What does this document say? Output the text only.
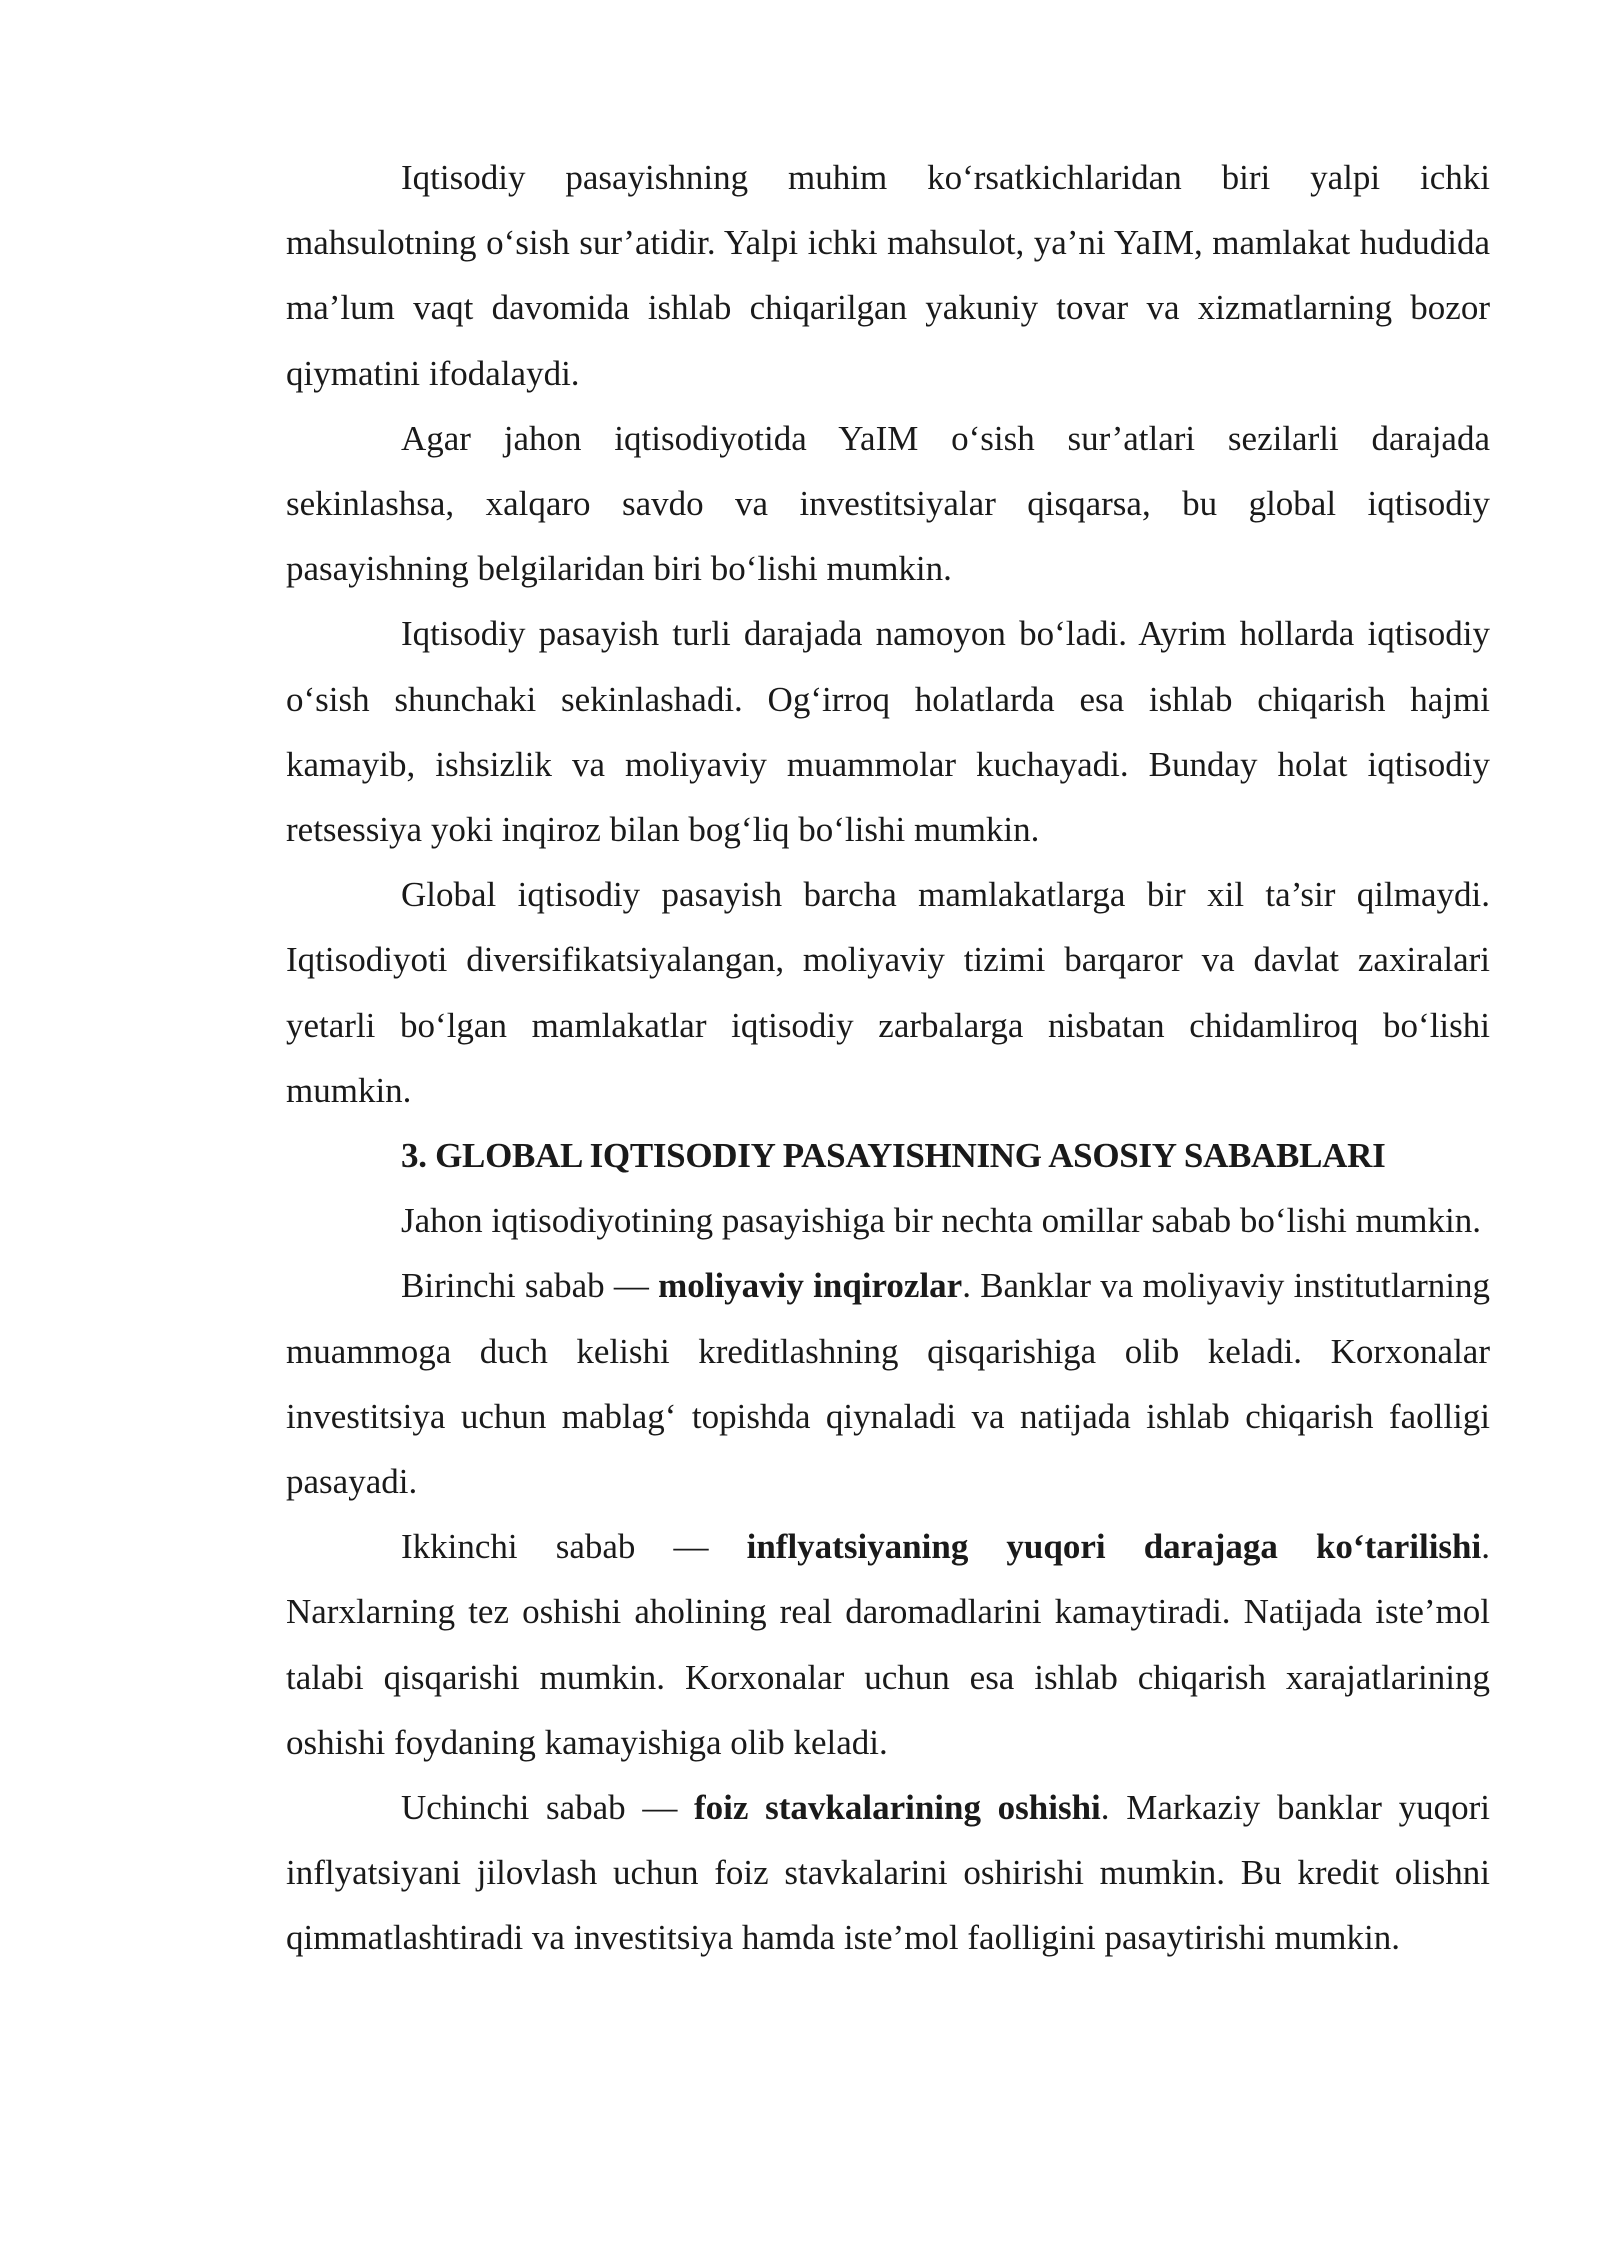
Iqtisodiy pasayishning muhim ko‘rsatkichlaridan biri yalpi ichki mahsulotning o‘sish sur’atidir. Yalpi ichki mahsulot, ya’ni YaIM, mamlakat hududida ma’lum vaqt davomida ishlab chiqarilgan yakuniy tovar va xizmatlarning bozor qiymatini ifodalaydi.

Agar jahon iqtisodiyotida YaIM o‘sish sur’atlari sezilarli darajada sekinlashsa, xalqaro savdo va investitsiyalar qisqarsa, bu global iqtisodiy pasayishning belgilaridan biri bo‘lishi mumkin.

Iqtisodiy pasayish turli darajada namoyon bo‘ladi. Ayrim hollarda iqtisodiy o‘sish shunchaki sekinlashadi. Og‘irroq holatlarda esa ishlab chiqarish hajmi kamayib, ishsizlik va moliyaviy muammolar kuchayadi. Bunday holat iqtisodiy retsessiya yoki inqiroz bilan bog‘liq bo‘lishi mumkin.

Global iqtisodiy pasayish barcha mamlakatlarga bir xil ta’sir qilmaydi. Iqtisodiyoti diversifikatsiyalangan, moliyaviy tizimi barqaror va davlat zaxiralari yetarli bo‘lgan mamlakatlar iqtisodiy zarbalarga nisbatan chidamliroq bo‘lishi mumkin.

3. GLOBAL IQTISODIY PASAYISHNING ASOSIY SABABLARI

Jahon iqtisodiyotining pasayishiga bir nechta omillar sabab bo‘lishi mumkin.

Birinchi sabab — moliyaviy inqirozlar. Banklar va moliyaviy institutlarning muammoga duch kelishi kreditlashning qisqarishiga olib keladi. Korxonalar investitsiya uchun mablag‘ topishda qiynaladi va natijada ishlab chiqarish faolligi pasayadi.

Ikkinchi sabab — inflyatsiyaning yuqori darajaga ko‘tarilishi. Narxlarning tez oshishi aholining real daromadlarini kamaytiradi. Natijada iste’mol talabi qisqarishi mumkin. Korxonalar uchun esa ishlab chiqarish xarajatlarining oshishi foydaning kamayishiga olib keladi.

Uchinchi sabab — foiz stavkalarining oshishi. Markaziy banklar yuqori inflyatsiyani jilovlash uchun foiz stavkalarini oshirishi mumkin. Bu kredit olishni qimmatlashtiradi va investitsiya hamda iste’mol faolligini pasaytirishi mumkin.
